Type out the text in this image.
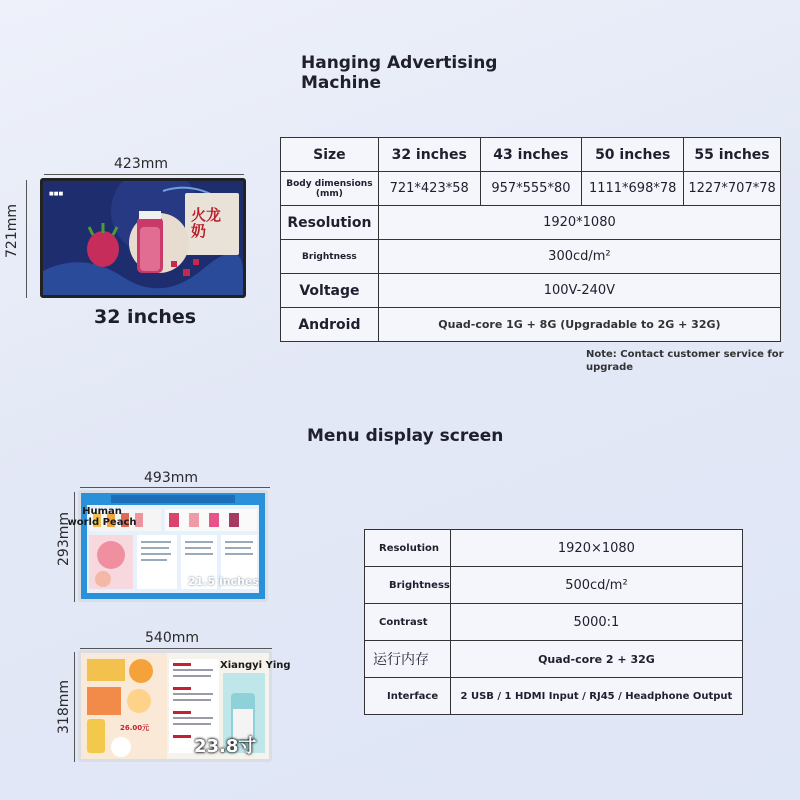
Hanging Advertising
Machine
423mm
721mm
■■■
火龙奶
32 inches
Size	32 inches	43 inches	50 inches	55 inches
Body dimensions (mm)	721*423*58	957*555*80	1111*698*78	1227*707*78
Resolution	1920*1080			
Brightness	300cd/m²			
Voltage	100V-240V			
Android	Quad-core 1G + 8G (Upgradable to 2G + 32G)			
Note: Contact customer service for upgrade
Menu display screen
493mm
293mm
Human world Peach
21.5 inches
540mm
318mm
Xiangyi Ying
26.00元
23.8寸
Resolution	1920×1080
Brightness	500cd/m²
Contrast	5000:1
运行内存	Quad-core 2 + 32G
Interface	2 USB / 1 HDMI Input / RJ45 / Headphone Output
